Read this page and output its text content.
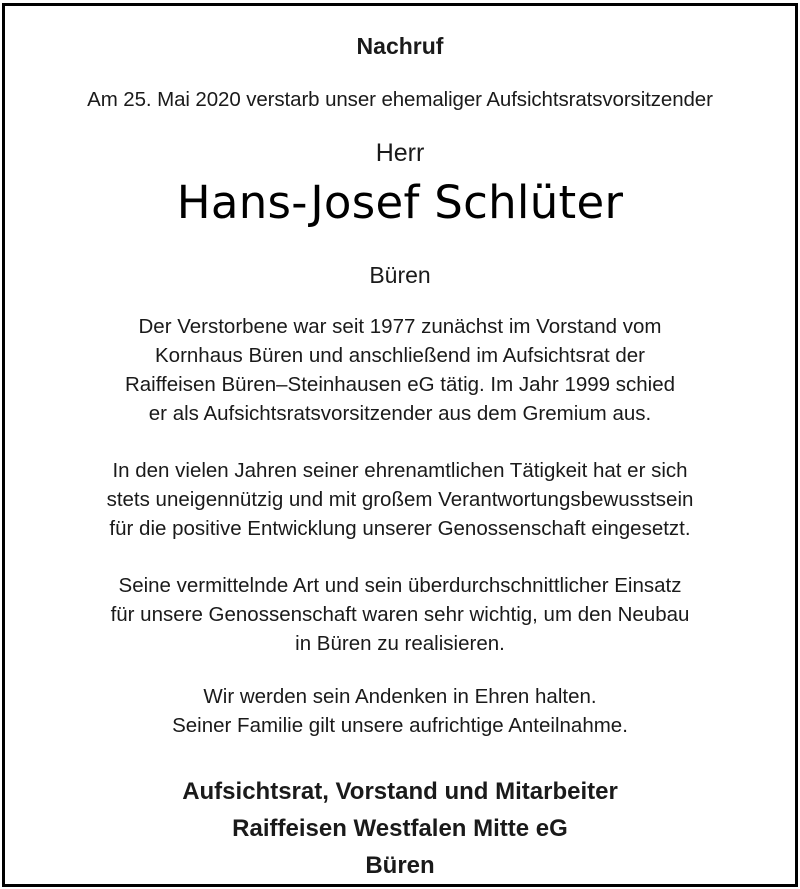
Nachruf
Am 25. Mai 2020 verstarb unser ehemaliger Aufsichtsratsvorsitzender
Herr
Hans-Josef Schlüter
Büren
Der Verstorbene war seit 1977 zunächst im Vorstand vom
Kornhaus Büren und anschließend im Aufsichtsrat der
Raiffeisen Büren–Steinhausen eG tätig. Im Jahr 1999 schied
er als Aufsichtsratsvorsitzender aus dem Gremium aus.
In den vielen Jahren seiner ehrenamtlichen Tätigkeit hat er sich
stets uneigennützig und mit großem Verantwortungsbewusstsein
für die positive Entwicklung unserer Genossenschaft eingesetzt.
Seine vermittelnde Art und sein überdurchschnittlicher Einsatz
für unsere Genossenschaft waren sehr wichtig, um den Neubau
in Büren zu realisieren.
Wir werden sein Andenken in Ehren halten.
Seiner Familie gilt unsere aufrichtige Anteilnahme.
Aufsichtsrat, Vorstand und Mitarbeiter
Raiffeisen Westfalen Mitte eG
Büren
